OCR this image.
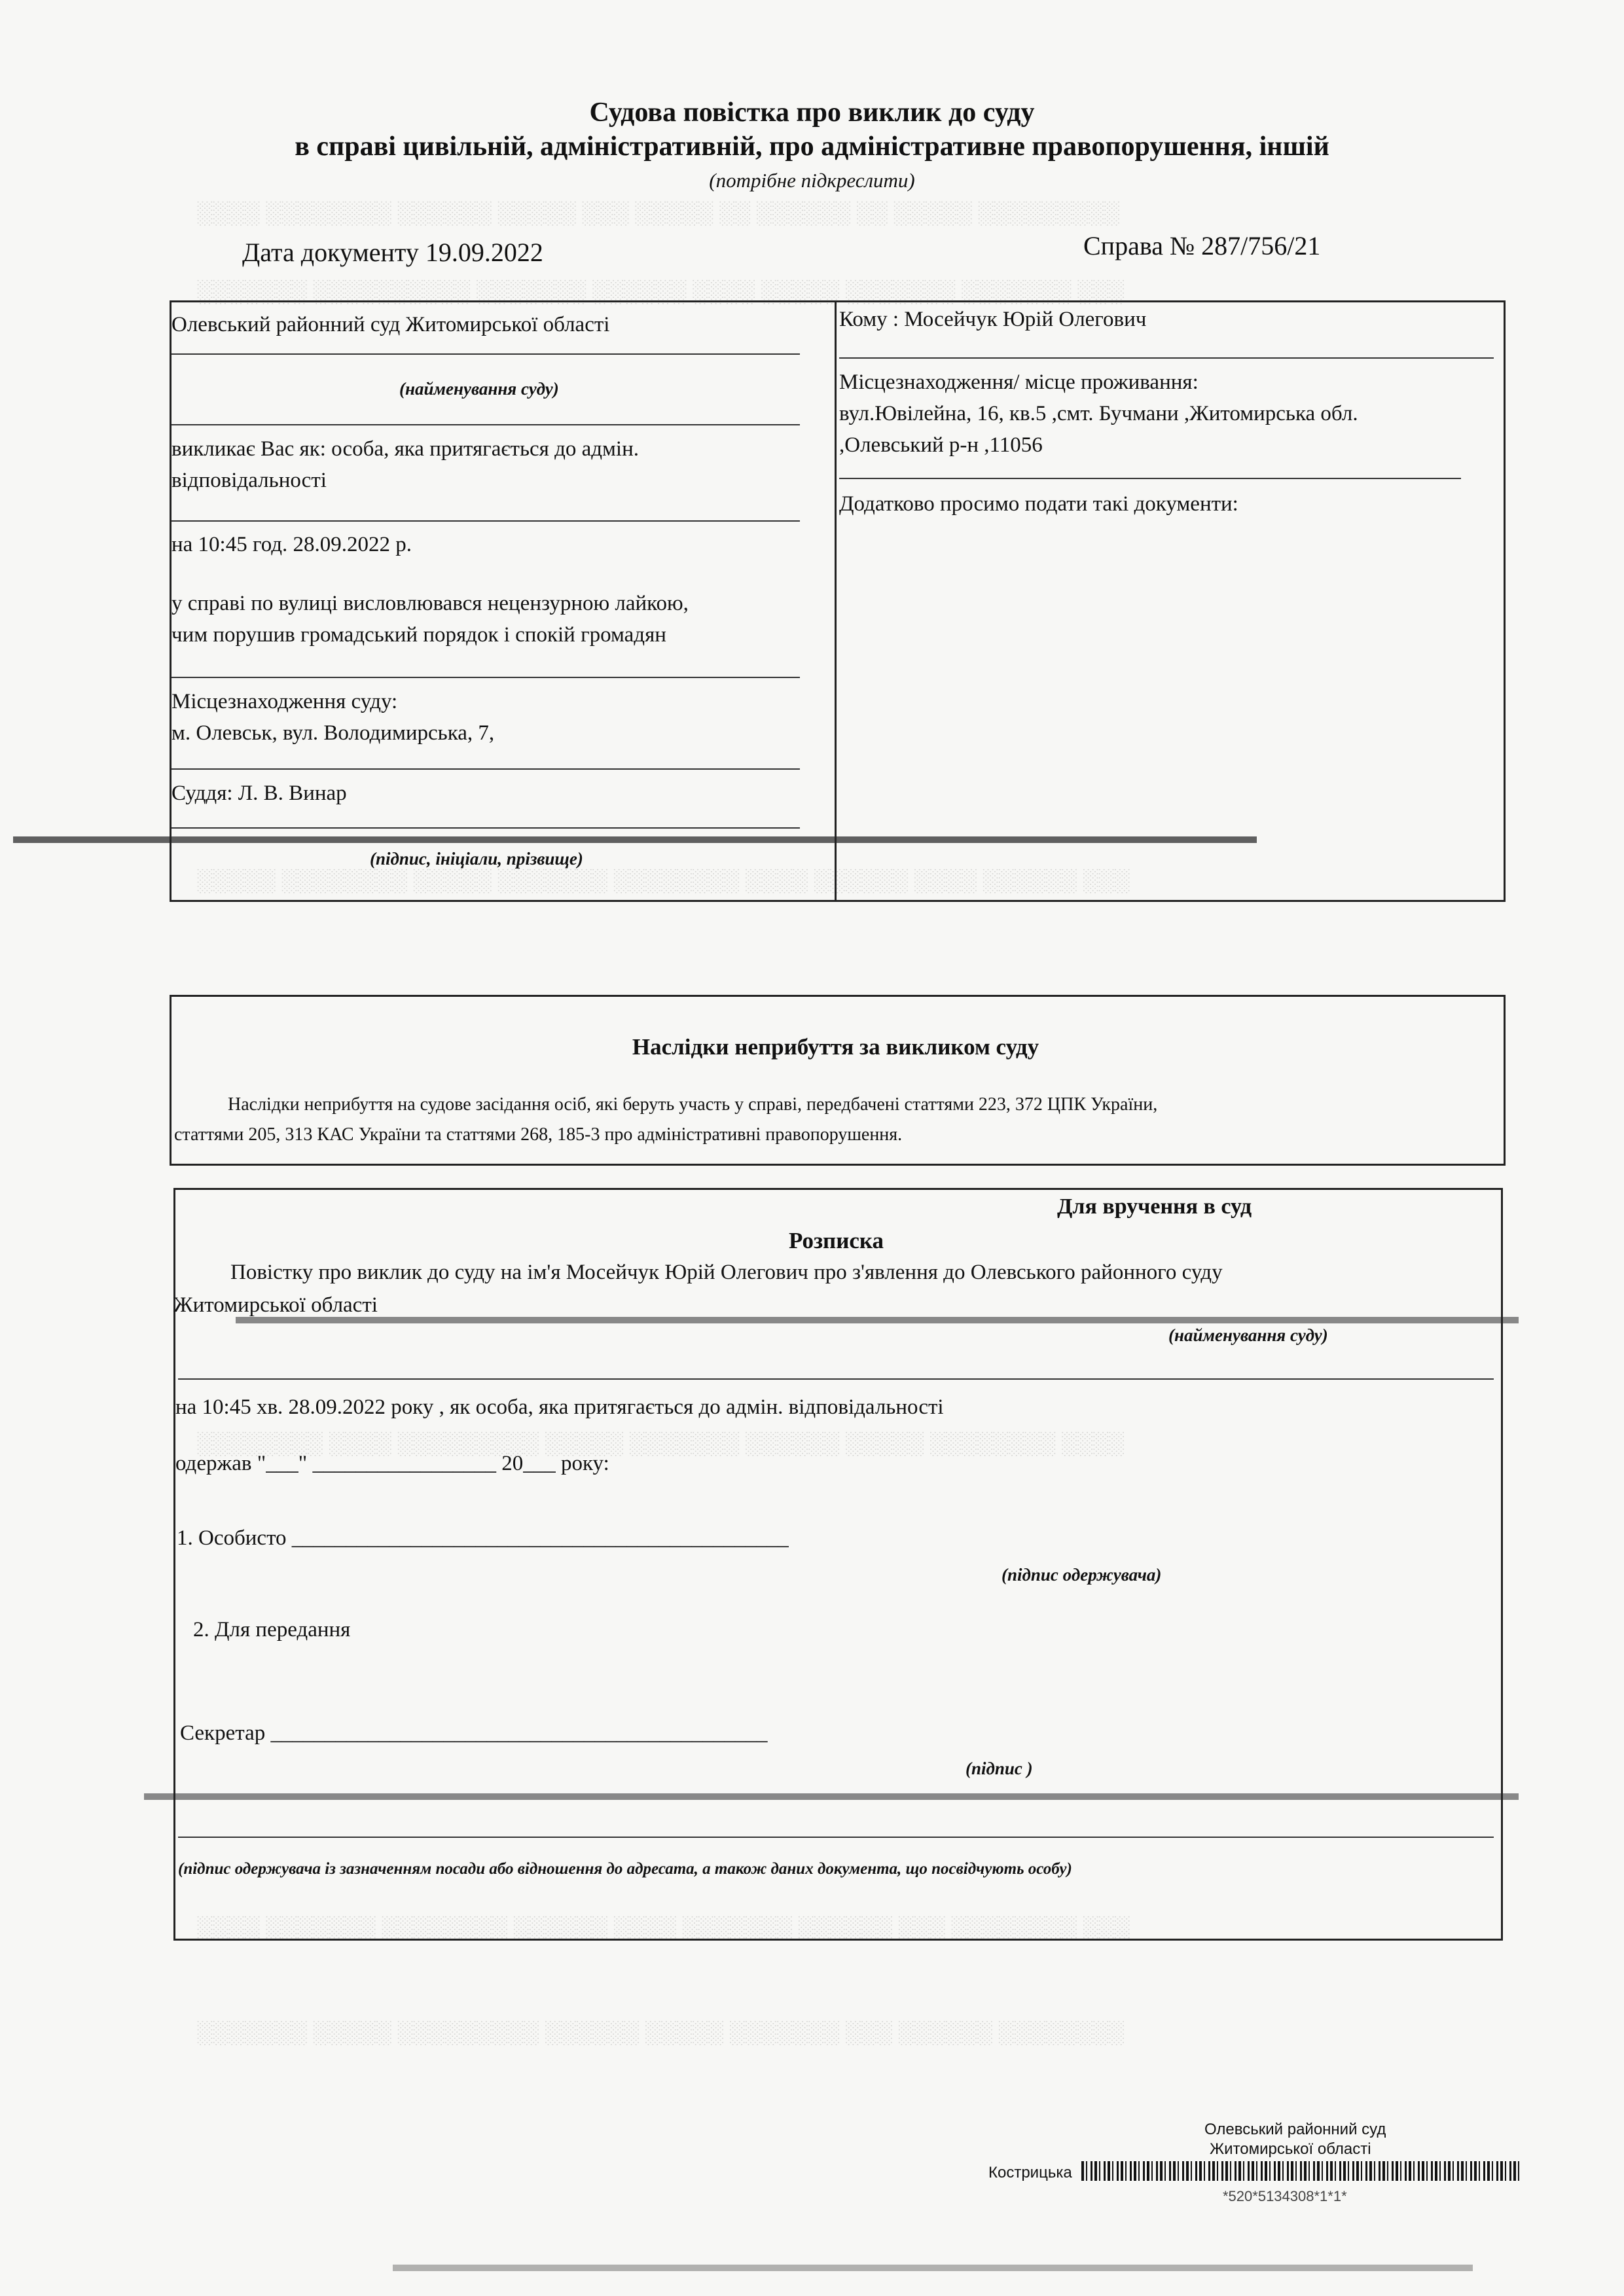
░░░░ ░░░░░░░░ ░░░░░░ ░░░░░ ░░░ ░░░░░ ░░ ░░░░░░ ░░ ░░░░░ ░░░░░░░░░
░░░░░░░ ░░░░░░░░░░ ░░░░░░░ ░░░░░░ ░░░░ ░░░░░ ░░░░░░░ ░░░░░░░ ░░░
░░░░░ ░░░░░░░░ ░░░░░ ░░░░░░░ ░░░░░░░░ ░░░░ ░░░░░░ ░░░░ ░░░░░░ ░░░
░░░░░░░░ ░░░░ ░░░░░░░░░ ░░░░░ ░░░░░░░ ░░░░░░ ░░░░░ ░░░░░░░░ ░░░░
░░░░ ░░░░░░░ ░░░░░░░░ ░░░░░░ ░░░░ ░░░░░░░ ░░░░░░ ░░░ ░░░░░░░░ ░░░
░░░░░░░ ░░░░░ ░░░░░░░░░ ░░░░░░ ░░░░░ ░░░░░░░ ░░░ ░░░░░░ ░░░░░░░░
Судова повістка про виклик до суду
в справі цивільній, адміністративній, про адміністративне правопорушення, іншій
(потрібне підкреслити)
Дата документу 19.09.2022	Справа № 287/756/21
Олевський районний суд Житомирської області
(найменування суду)
викликає Вас як: особа, яка притягається до адмін.
відповідальності
на 10:45 год. 28.09.2022 р.
у справі по вулиці висловлювався нецензурною лайкою,
чим порушив громадський порядок і спокій громадян
Місцезнаходження суду:
м. Олевськ, вул. Володимирська, 7,
Суддя: Л. В. Винар
(підпис, ініціали, прізвище)
Кому : Мосейчук Юрій Олегович
Місцезнаходження/ місце проживання:
вул.Ювілейна, 16, кв.5 ,смт. Бучмани ,Житомирська обл.
,Олевський р-н ,11056
Додатково просимо подати такі документи:
Наслідки неприбуття за викликом суду
Наслідки неприбуття на судове засідання осіб, які беруть участь у справі, передбачені статтями 223, 372 ЦПК України,
статтями 205, 313 КАС України та статтями 268, 185-3 про адміністративні правопорушення.
Для вручення в суд
Розписка
Повістку про виклик до суду на ім'я Мосейчук Юрій Олегович про з'явлення до Олевського районного суду
Житомирської області
(найменування суду)
на 10:45 хв. 28.09.2022 року , як особа, яка притягається до адмін. відповідальності
одержав "___" _________________ 20___ року:
1. Особисто ______________________________________________
(підпис одержувача)
2. Для передання
Секретар ______________________________________________
(підпис )
(підпис одержувача із зазначенням посади або відношення до адресата, а також даних документа, що посвідчують особу)
Олевський районний суд
Житомирської області
Кострицька
*520*5134308*1*1*
